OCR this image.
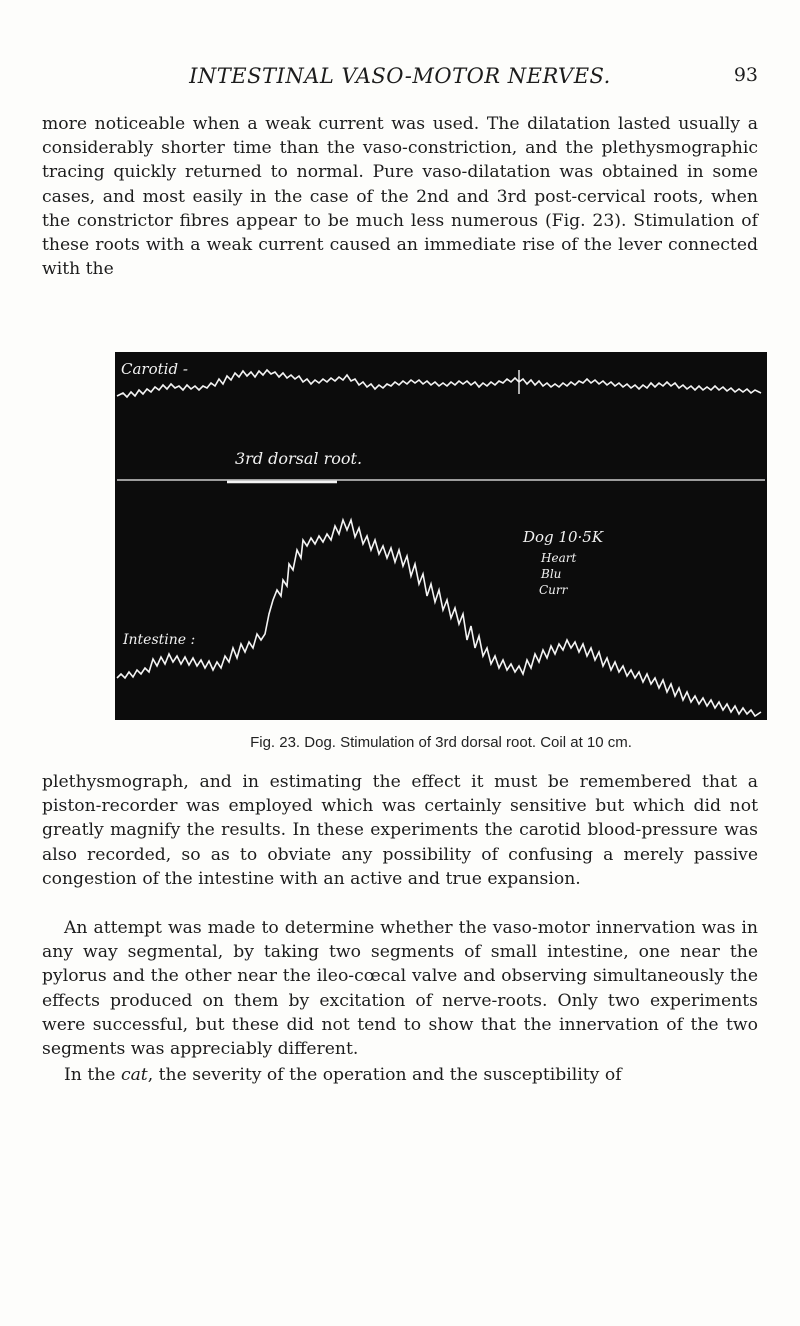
INTESTINAL VASO-MOTOR NERVES.	93

more noticeable when a weak current was used. The dilatation lasted usually a considerably shorter time than the vaso-constriction, and the plethysmographic tracing quickly returned to normal. Pure vaso-dilatation was obtained in some cases, and most easily in the case of the 2nd and 3rd post-cervical roots, when the constrictor fibres appear to be much less numerous (Fig. 23). Stimulation of these roots with a weak current caused an immediate rise of the lever connected with the

Carotid -
3rd dorsal root.
Intestine :
Dog 10·5K
Heart
Blu
Curr
Fig. 23. Dog. Stimulation of 3rd dorsal root. Coil at 10 cm.

plethysmograph, and in estimating the effect it must be remembered that a piston-recorder was employed which was certainly sensitive but which did not greatly magnify the results. In these experiments the carotid blood-pressure was also recorded, so as to obviate any possibility of confusing a merely passive congestion of the intestine with an active and true expansion.

An attempt was made to determine whether the vaso-motor innervation was in any way segmental, by taking two segments of small intestine, one near the pylorus and the other near the ileo-cœcal valve and observing simultaneously the effects produced on them by excitation of nerve-roots. Only two experiments were successful, but these did not tend to show that the innervation of the two segments was appreciably different.

In the cat, the severity of the operation and the susceptibility of
